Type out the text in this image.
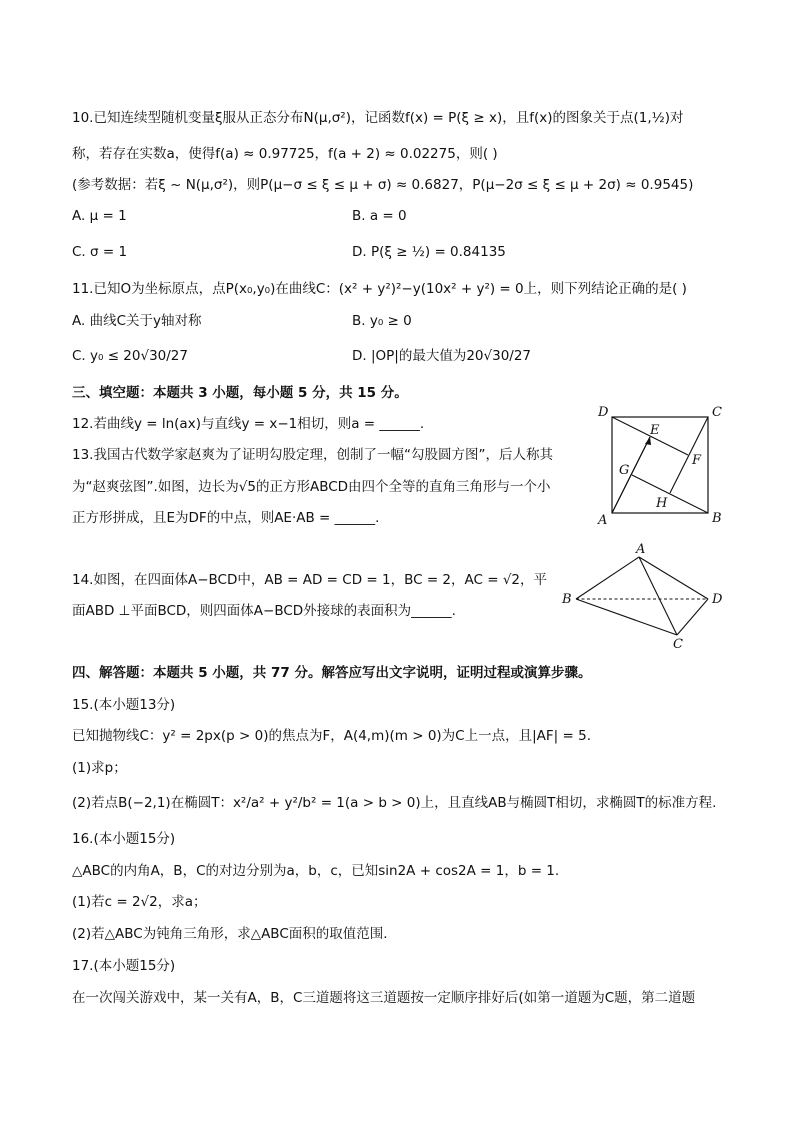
10.已知连续型随机变量ξ服从正态分布N(μ,σ²)，记函数f(x) = P(ξ ≥ x)，且f(x)的图象关于点(1,½)对
称，若存在实数a，使得f(a) ≈ 0.97725，f(a + 2) ≈ 0.02275，则( )
(参考数据：若ξ ~ N(μ,σ²)，则P(μ−σ ≤ ξ ≤ μ + σ) ≈ 0.6827，P(μ−2σ ≤ ξ ≤ μ + 2σ) ≈ 0.9545)
A. μ = 1	B. a = 0
C. σ = 1	D. P(ξ ≥ ½) = 0.84135
11.已知O为坐标原点，点P(x₀,y₀)在曲线C：(x² + y²)²−y(10x² + y²) = 0上，则下列结论正确的是( )
A. 曲线C关于y轴对称	B. y₀ ≥ 0
C. y₀ ≤ 20√30/27	D. |OP|的最大值为20√30/27
三、填空题：本题共 3 小题，每小题 5 分，共 15 分。
12.若曲线y = ln(ax)与直线y = x−1相切，则a = ______.
13.我国古代数学家赵爽为了证明勾股定理，创制了一幅“勾股圆方图”，后人称其
为“赵爽弦图”.如图，边长为√5的正方形ABCD由四个全等的直角三角形与一个小
正方形拼成，且E为DF的中点，则AE·AB = ______.
D	C
A	B
E
F
G
H
14.如图，在四面体A−BCD中，AB = AD = CD = 1，BC = 2，AC = √2，平
面ABD ⊥平面BCD，则四面体A−BCD外接球的表面积为______.
A
B	D
C
四、解答题：本题共 5 小题，共 77 分。解答应写出文字说明，证明过程或演算步骤。
15.(本小题13分)
已知抛物线C：y² = 2px(p > 0)的焦点为F，A(4,m)(m > 0)为C上一点，且|AF| = 5.
(1)求p；
(2)若点B(−2,1)在椭圆T：x²/a² + y²/b² = 1(a > b > 0)上，且直线AB与椭圆T相切，求椭圆T的标准方程.
16.(本小题15分)
△ABC的内角A，B，C的对边分别为a，b，c，已知sin2A + cos2A = 1，b = 1.
(1)若c = 2√2，求a；
(2)若△ABC为钝角三角形，求△ABC面积的取值范围.
17.(本小题15分)
在一次闯关游戏中，某一关有A，B，C三道题将这三道题按一定顺序排好后(如第一道题为C题，第二道题
